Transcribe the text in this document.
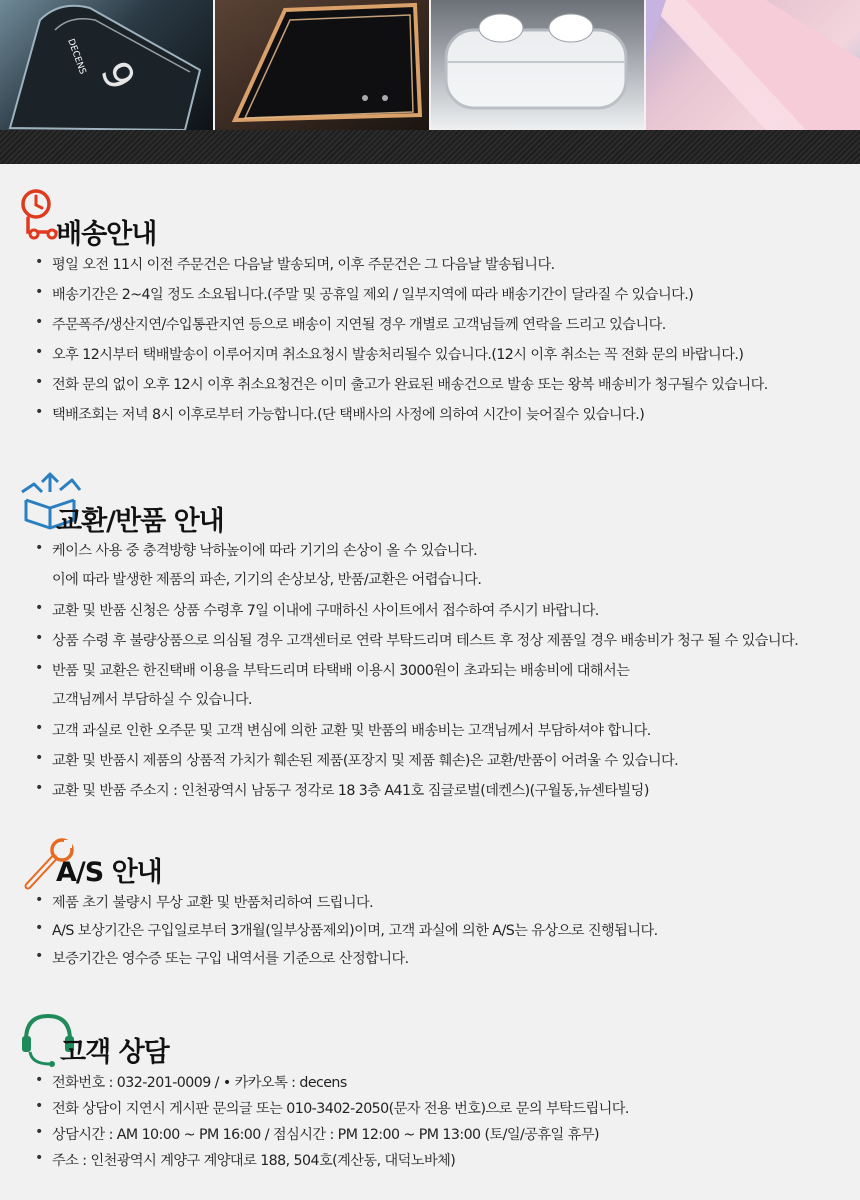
9
DECENS
배송안내
• 평일 오전 11시 이전 주문건은 다음날 발송되며, 이후 주문건은 그 다음날 발송됩니다.
• 배송기간은 2~4일 정도 소요됩니다.(주말 및 공휴일 제외 / 일부지역에 따라 배송기간이 달라질 수 있습니다.)
• 주문폭주/생산지연/수입통관지연 등으로 배송이 지연될 경우 개별로 고객님들께 연락을 드리고 있습니다.
• 오후 12시부터 택배발송이 이루어지며 취소요청시 발송처리될수 있습니다.(12시 이후 취소는 꼭 전화 문의 바랍니다.)
• 전화 문의 없이 오후 12시 이후 취소요청건은 이미 출고가 완료된 배송건으로 발송 또는 왕복 배송비가 청구될수 있습니다.
• 택배조회는 저녁 8시 이후로부터 가능합니다.(단 택배사의 사정에 의하여 시간이 늦어질수 있습니다.)
교환/반품 안내
• 케이스 사용 중 충격방향 낙하높이에 따라 기기의 손상이 올 수 있습니다.
이에 따라 발생한 제품의 파손, 기기의 손상보상, 반품/교환은 어렵습니다.
• 교환 및 반품 신청은 상품 수령후 7일 이내에 구매하신 사이트에서 접수하여 주시기 바랍니다.
• 상품 수령 후 불량상품으로 의심될 경우 고객센터로 연락 부탁드리며 테스트 후 정상 제품일 경우 배송비가 청구 될 수 있습니다.
• 반품 및 교환은 한진택배 이용을 부탁드리며 타택배 이용시 3000원이 초과되는 배송비에 대해서는
고객님께서 부담하실 수 있습니다.
• 고객 과실로 인한 오주문 및 고객 변심에 의한 교환 및 반품의 배송비는 고객님께서 부담하셔야 합니다.
• 교환 및 반품시 제품의 상품적 가치가 훼손된 제품(포장지 및 제품 훼손)은 교환/반품이 어려울 수 있습니다.
• 교환 및 반품 주소지 : 인천광역시 남동구 정각로 18 3층 A41호 짐글로벌(데켄스)(구월동,뉴센타빌딩)
A/S 안내
• 제품 초기 불량시 무상 교환 및 반품처리하여 드립니다.
• A/S 보상기간은 구입일로부터 3개월(일부상품제외)이며, 고객 과실에 의한 A/S는 유상으로 진행됩니다.
• 보증기간은 영수증 또는 구입 내역서를 기준으로 산정합니다.
고객 상담
• 전화번호 : 032-201-0009 / • 카카오톡 : decens
• 전화 상담이 지연시 게시판 문의글 또는 010-3402-2050(문자 전용 번호)으로 문의 부탁드립니다.
• 상담시간 : AM 10:00 ~ PM 16:00 / 점심시간 : PM 12:00 ~ PM 13:00 (토/일/공휴일 휴무)
• 주소 : 인천광역시 계양구 계양대로 188, 504호(계산동, 대덕노바체)
